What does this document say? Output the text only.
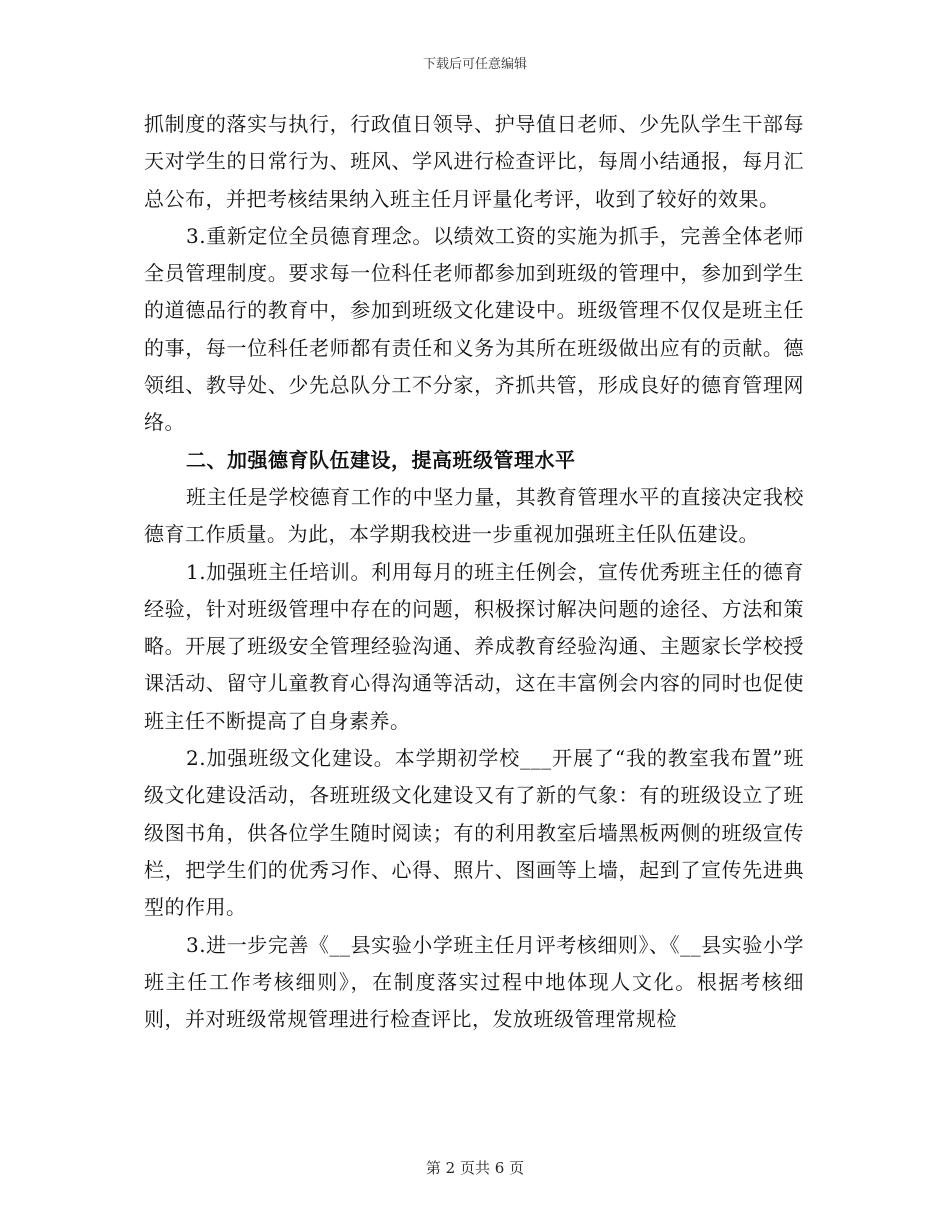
下载后可任意编辑

抓制度的落实与执行，行政值日领导、护导值日老师、少先队学生干部每天对学生的日常行为、班风、学风进行检查评比，每周小结通报，每月汇总公布，并把考核结果纳入班主任月评量化考评，收到了较好的效果。

3.重新定位全员德育理念。以绩效工资的实施为抓手，完善全体老师全员管理制度。要求每一位科任老师都参加到班级的管理中，参加到学生的道德品行的教育中，参加到班级文化建设中。班级管理不仅仅是班主任的事，每一位科任老师都有责任和义务为其所在班级做出应有的贡献。德领组、教导处、少先总队分工不分家，齐抓共管，形成良好的德育管理网络。

二、加强德育队伍建设，提高班级管理水平

班主任是学校德育工作的中坚力量，其教育管理水平的直接决定我校德育工作质量。为此，本学期我校进一步重视加强班主任队伍建设。

1.加强班主任培训。利用每月的班主任例会，宣传优秀班主任的德育经验，针对班级管理中存在的问题，积极探讨解决问题的途径、方法和策略。开展了班级安全管理经验沟通、养成教育经验沟通、主题家长学校授课活动、留守儿童教育心得沟通等活动，这在丰富例会内容的同时也促使班主任不断提高了自身素养。

2.加强班级文化建设。本学期初学校___开展了“我的教室我布置”班级文化建设活动，各班班级文化建设又有了新的气象：有的班级设立了班级图书角，供各位学生随时阅读；有的利用教室后墙黑板两侧的班级宣传栏，把学生们的优秀习作、心得、照片、图画等上墙，起到了宣传先进典型的作用。

3.进一步完善《__县实验小学班主任月评考核细则》、《__县实验小学班主任工作考核细则》，在制度落实过程中地体现人文化。根据考核细则，并对班级常规管理进行检查评比，发放班级管理常规检

第 2 页共 6 页
